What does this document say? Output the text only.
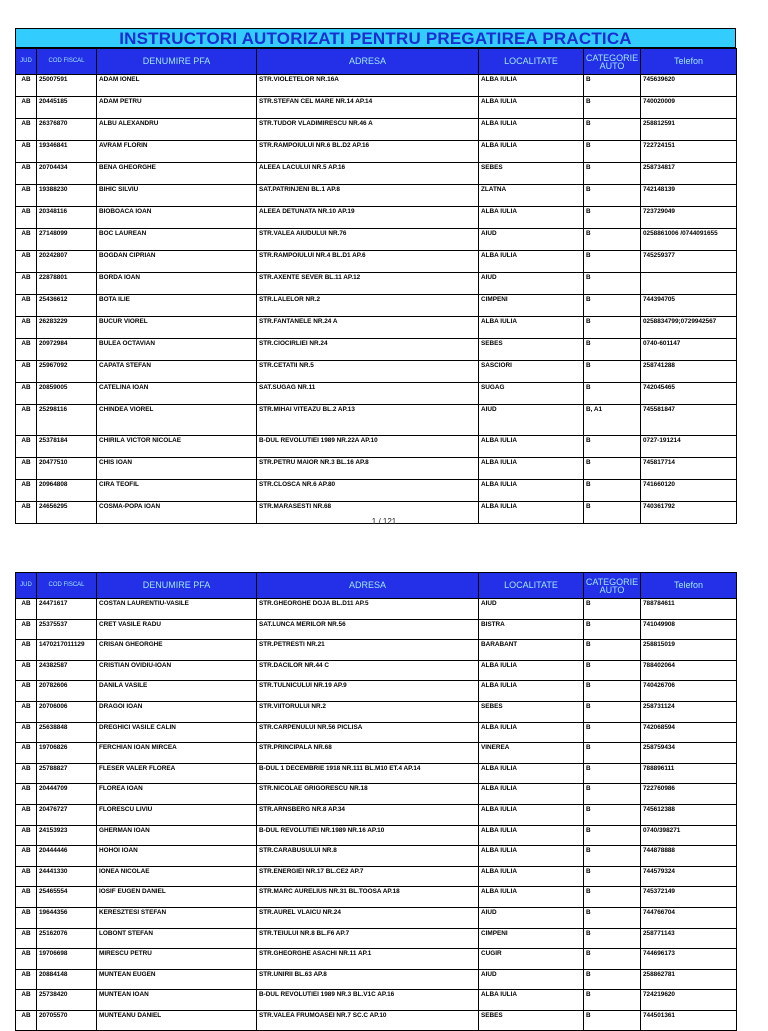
INSTRUCTORI AUTORIZATI PENTRU PREGATIREA PRACTICA
JUD	COD FISCAL	DENUMIRE PFA	ADRESA	LOCALITATE	CATEGORIE AUTO	Telefon
AB	25007591	ADAM IONEL	STR.VIOLETELOR NR.16A	ALBA IULIA	B	745639620
AB	20445185	ADAM PETRU	STR.STEFAN CEL MARE NR.14 AP.14	ALBA IULIA	B	740020009
AB	26376870	ALBU ALEXANDRU	STR.TUDOR VLADIMIRESCU NR.46 A	ALBA IULIA	B	258812591
AB	19346841	AVRAM FLORIN	STR.RAMPOIULUI NR.6 BL.D2 AP.16	ALBA IULIA	B	722724151
AB	20704434	BENA GHEORGHE	ALEEA LACULUI NR.5 AP.16	SEBES	B	258734817
AB	19388230	BIHIC SILVIU	SAT.PATRINJENI BL.1 AP.8	ZLATNA	B	742148139
AB	20348116	BIOBOACA IOAN	ALEEA DETUNATA NR.10 AP.19	ALBA IULIA	B	723729049
AB	27148099	BOC LAUREAN	STR.VALEA AIUDULUI NR.76	AIUD	B	0258861006 /0744091655
AB	20242807	BOGDAN CIPRIAN	STR.RAMPOIULUI NR.4 BL.D1 AP.6	ALBA IULIA	B	745259377
AB	22878801	BORDA IOAN	STR.AXENTE SEVER BL.11 AP.12	AIUD	B	
AB	25436612	BOTA ILIE	STR.LALELOR NR.2	CIMPENI	B	744394705
AB	26283229	BUCUR VIOREL	STR.FANTANELE NR.24 A	ALBA IULIA	B	0258834799;0729942567
AB	20972984	BULEA OCTAVIAN	STR.CIOCIRLIEI NR.24	SEBES	B	0740-601147
AB	25967092	CAPATA STEFAN	STR.CETATII NR.5	SASCIORI	B	258741288
AB	20859005	CATELINA IOAN	SAT.SUGAG NR.11	SUGAG	B	742045465
AB	25298116	CHINDEA VIOREL	STR.MIHAI VITEAZU BL.2 AP.13	AIUD	B, A1	745581847
AB	25378184	CHIRILA VICTOR NICOLAE	B-DUL REVOLUTIEI 1989 NR.22A AP.10	ALBA IULIA	B	0727-191214
AB	20477510	CHIS IOAN	STR.PETRU MAIOR NR.3 BL.16 AP.8	ALBA IULIA	B	745817714
AB	20964808	CIRA TEOFIL	STR.CLOSCA NR.6 AP.80	ALBA IULIA	B	741660120
AB	24656295	COSMA-POPA IOAN	STR.MARASESTI NR.68	ALBA IULIA	B	740361792
1 / 121
JUD	COD FISCAL	DENUMIRE PFA	ADRESA	LOCALITATE	CATEGORIE AUTO	Telefon
AB	24471617	COSTAN LAURENTIU-VASILE	STR.GHEORGHE DOJA BL.D11 AP.5	AIUD	B	788784611
AB	25375537	CRET VASILE RADU	SAT.LUNCA MERILOR NR.56	BISTRA	B	741049908
AB	1470217011129	CRISAN GHEORGHE	STR.PETRESTI NR.21	BARABANT	B	258815019
AB	24382587	CRISTIAN OVIDIU-IOAN	STR.DACILOR NR.44 C	ALBA IULIA	B	788402064
AB	20782606	DANILA VASILE	STR.TULNICULUI NR.19 AP.9	ALBA IULIA	B	740426706
AB	20706006	DRAGOI IOAN	STR.VIITORULUI NR.2	SEBES	B	258731124
AB	25638848	DREGHICI VASILE CALIN	STR.CARPENULUI NR.56 PICLISA	ALBA IULIA	B	742068594
AB	19706826	FERCHIAN IOAN MIRCEA	STR.PRINCIPALA NR.68	VINEREA	B	258759434
AB	25788827	FLESER VALER FLOREA	B-DUL 1 DECEMBRIE 1918 NR.111 BL.M10 ET.4 AP.14	ALBA IULIA	B	788896111
AB	20444709	FLOREA IOAN	STR.NICOLAE GRIGORESCU NR.18	ALBA IULIA	B	722760986
AB	20476727	FLORESCU LIVIU	STR.ARNSBERG NR.8 AP.34	ALBA IULIA	B	745612388
AB	24153923	GHERMAN IOAN	B-DUL REVOLUTIEI NR.1989 NR.16 AP.10	ALBA IULIA	B	0740/398271
AB	20444446	HOHOI IOAN	STR.CARABUSULUI NR.8	ALBA IULIA	B	744878888
AB	24441330	IONEA NICOLAE	STR.ENERGIEI NR.17 BL.CE2 AP.7	ALBA IULIA	B	744579324
AB	25465554	IOSIF EUGEN DANIEL	STR.MARC AURELIUS NR.31 BL.TOOSA AP.18	ALBA IULIA	B	745372149
AB	19644356	KERESZTESI STEFAN	STR.AUREL VLAICU NR.24	AIUD	B	744766704
AB	25162076	LOBONT STEFAN	STR.TEIULUI NR.8 BL.F6 AP.7	CIMPENI	B	258771143
AB	19706698	MIRESCU PETRU	STR.GHEORGHE ASACHI NR.11 AP.1	CUGIR	B	744696173
AB	20884148	MUNTEAN EUGEN	STR.UNIRII BL.63 AP.8	AIUD	B	258862781
AB	25738420	MUNTEAN IOAN	B-DUL REVOLUTIEI 1989 NR.3 BL.V1C AP.16	ALBA IULIA	B	724219620
AB	20705570	MUNTEANU DANIEL	STR.VALEA FRUMOASEI NR.7 SC.C AP.10	SEBES	B	744501361
